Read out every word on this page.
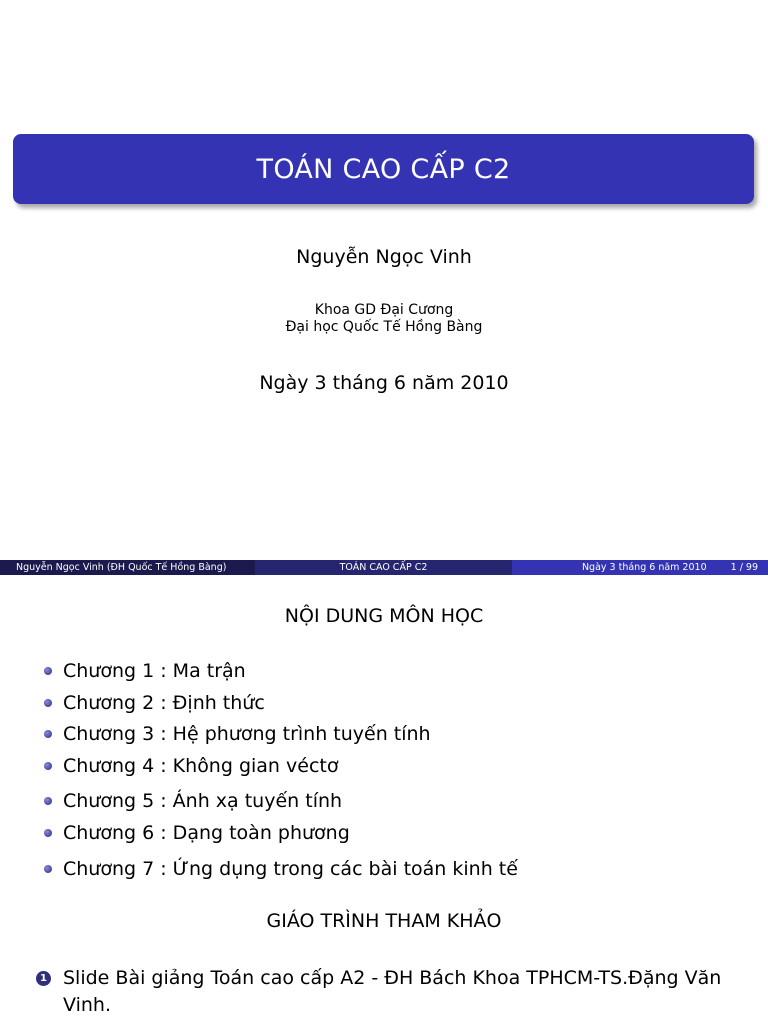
TOÁN CAO CẤP C2
Nguyễn Ngọc Vinh
Khoa GD Đại Cương
Đại học Quốc Tế Hồng Bàng
Ngày 3 tháng 6 năm 2010
Nguyễn Ngọc Vinh (ĐH Quốc Tế Hồng Bàng)	TOÁN CAO CẤP C2	Ngày 3 tháng 6 năm 2010	1 / 99
NỘI DUNG MÔN HỌC
Chương 1 : Ma trận
Chương 2 : Định thức
Chương 3 : Hệ phương trình tuyến tính
Chương 4 : Không gian véctơ
Chương 5 : Ánh xạ tuyến tính
Chương 6 : Dạng toàn phương
Chương 7 : Ứng dụng trong các bài toán kinh tế
GIÁO TRÌNH THAM KHẢO
1 Slide Bài giảng Toán cao cấp A2 - ĐH Bách Khoa TPHCM-TS.Đặng Văn Vinh.
